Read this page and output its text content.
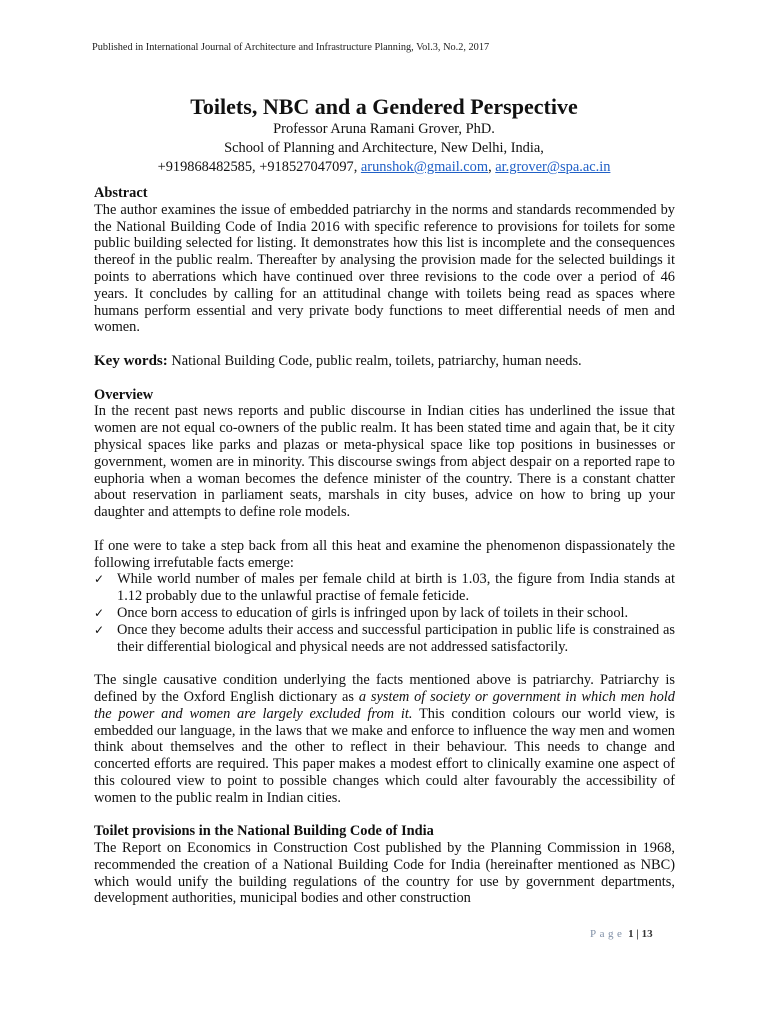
Published in International Journal of Architecture and Infrastructure Planning, Vol.3, No.2, 2017
Toilets, NBC and a Gendered Perspective
Professor Aruna Ramani Grover, PhD.
School of Planning and Architecture, New Delhi, India,
+919868482585, +918527047097, arunshok@gmail.com, ar.grover@spa.ac.in
Abstract

The author examines the issue of embedded patriarchy in the norms and standards recommended by the National Building Code of India 2016 with specific reference to provisions for toilets for some public building selected for listing. It demonstrates how this list is incomplete and the consequences thereof in the public realm. Thereafter by analysing the provision made for the selected buildings it points to aberrations which have continued over three revisions to the code over a period of 46 years. It concludes by calling for an attitudinal change with toilets being read as spaces where humans perform essential and very private body functions to meet differential needs of men and women.

Key words: National Building Code, public realm, toilets, patriarchy, human needs.

Overview

In the recent past news reports and public discourse in Indian cities has underlined the issue that women are not equal co-owners of the public realm. It has been stated time and again that, be it city physical spaces like parks and plazas or meta-physical space like top positions in businesses or government, women are in minority. This discourse swings from abject despair on a reported rape to euphoria when a woman becomes the defence minister of the country. There is a constant chatter about reservation in parliament seats, marshals in city buses, advice on how to bring up your daughter and attempts to define role models.

If one were to take a step back from all this heat and examine the phenomenon dispassionately the following irrefutable facts emerge:

✓ While world number of males per female child at birth is 1.03, the figure from India stands at 1.12 probably due to the unlawful practise of female feticide.
✓ Once born access to education of girls is infringed upon by lack of toilets in their school.
✓ Once they become adults their access and successful participation in public life is constrained as their differential biological and physical needs are not addressed satisfactorily.

The single causative condition underlying the facts mentioned above is patriarchy. Patriarchy is defined by the Oxford English dictionary as a system of society or government in which men hold the power and women are largely excluded from it. This condition colours our world view, is embedded our language, in the laws that we make and enforce to influence the way men and women think about themselves and the other to reflect in their behaviour. This needs to change and concerted efforts are required. This paper makes a modest effort to clinically examine one aspect of this coloured view to point to possible changes which could alter favourably the accessibility of women to the public realm in Indian cities.

Toilet provisions in the National Building Code of India

The Report on Economics in Construction Cost published by the Planning Commission in 1968, recommended the creation of a National Building Code for India (hereinafter mentioned as NBC) which would unify the building regulations of the country for use by government departments, development authorities, municipal bodies and other construction

Page 1 | 13
